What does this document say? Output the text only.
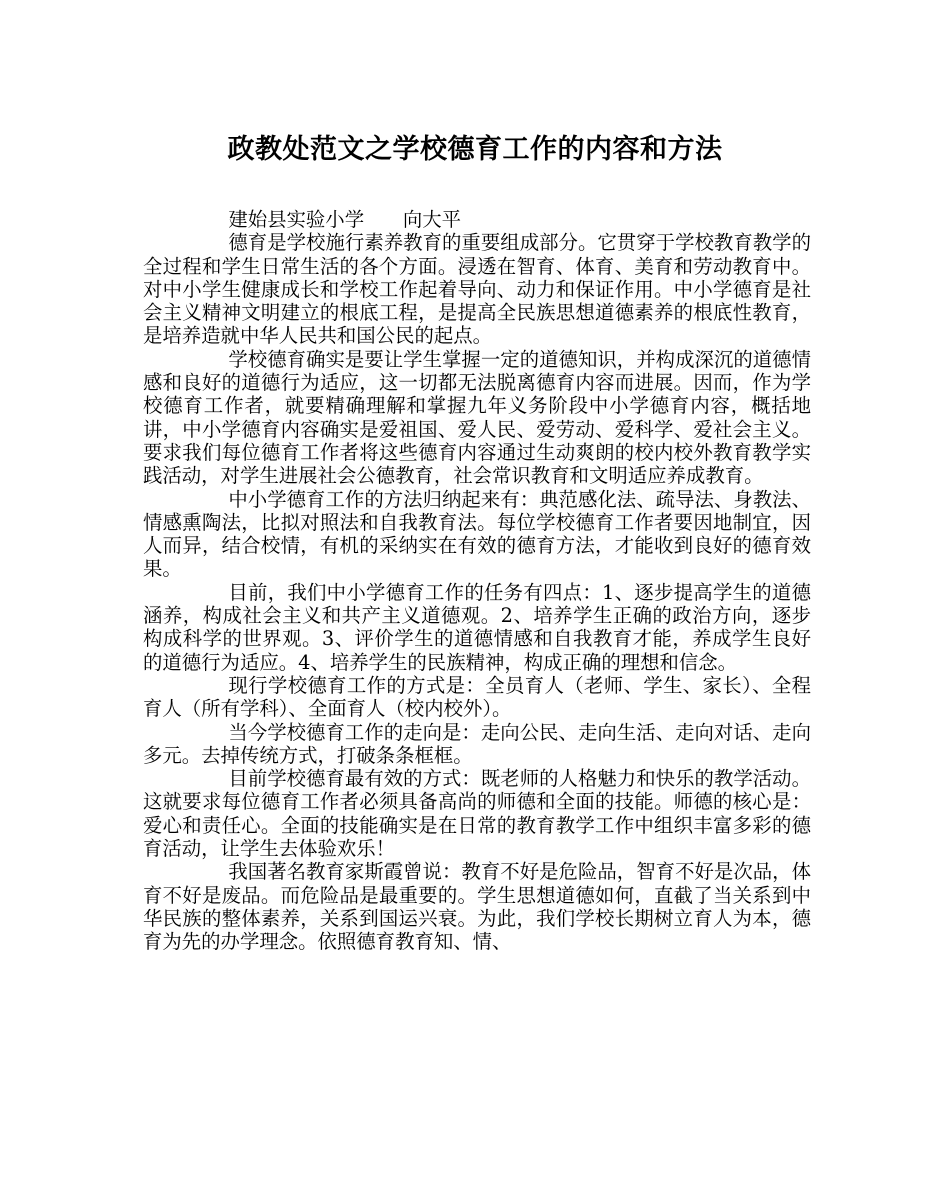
政教处范文之学校德育工作的内容和方法

建始县实验小学　　向大平

德育是学校施行素养教育的重要组成部分。它贯穿于学校教育教学的全过程和学生日常生活的各个方面。浸透在智育、体育、美育和劳动教育中。对中小学生健康成长和学校工作起着导向、动力和保证作用。中小学德育是社会主义精神文明建立的根底工程，是提高全民族思想道德素养的根底性教育，是培养造就中华人民共和国公民的起点。

学校德育确实是要让学生掌握一定的道德知识，并构成深沉的道德情感和良好的道德行为适应，这一切都无法脱离德育内容而进展。因而，作为学校德育工作者，就要精确理解和掌握九年义务阶段中小学德育内容，概括地讲，中小学德育内容确实是爱祖国、爱人民、爱劳动、爱科学、爱社会主义。要求我们每位德育工作者将这些德育内容通过生动爽朗的校内校外教育教学实践活动，对学生进展社会公德教育，社会常识教育和文明适应养成教育。

中小学德育工作的方法归纳起来有：典范感化法、疏导法、身教法、情感熏陶法，比拟对照法和自我教育法。每位学校德育工作者要因地制宜，因人而异，结合校情，有机的采纳实在有效的德育方法，才能收到良好的德育效果。

目前，我们中小学德育工作的任务有四点：1、逐步提高学生的道德涵养，构成社会主义和共产主义道德观。2、培养学生正确的政治方向，逐步构成科学的世界观。3、评价学生的道德情感和自我教育才能，养成学生良好的道德行为适应。4、培养学生的民族精神，构成正确的理想和信念。

现行学校德育工作的方式是：全员育人（老师、学生、家长）、全程育人（所有学科）、全面育人（校内校外）。

当今学校德育工作的走向是：走向公民、走向生活、走向对话、走向多元。去掉传统方式，打破条条框框。

目前学校德育最有效的方式：既老师的人格魅力和快乐的教学活动。这就要求每位德育工作者必须具备高尚的师德和全面的技能。师德的核心是：爱心和责任心。全面的技能确实是在日常的教育教学工作中组织丰富多彩的德育活动，让学生去体验欢乐！

我国著名教育家斯霞曾说：教育不好是危险品，智育不好是次品，体育不好是废品。而危险品是最重要的。学生思想道德如何，直截了当关系到中华民族的整体素养，关系到国运兴衰。为此，我们学校长期树立育人为本，德育为先的办学理念。依照德育教育知、情、
